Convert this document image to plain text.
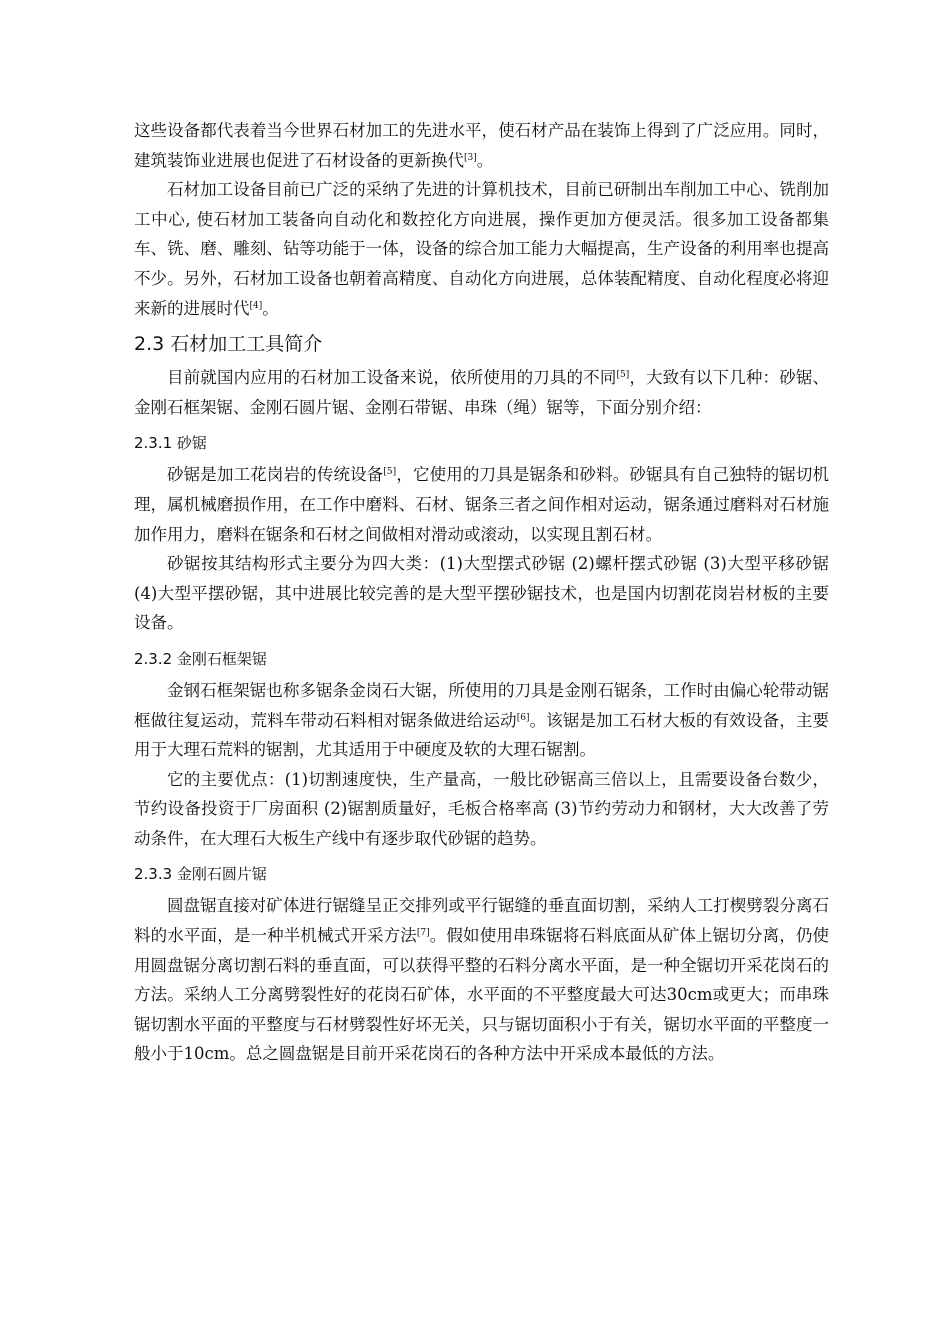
这些设备都代表着当今世界石材加工的先进水平，使石材产品在装饰上得到了广泛应用。同时，建筑装饰业进展也促进了石材设备的更新换代[3]。

石材加工设备目前已广泛的采纳了先进的计算机技术，目前已研制出车削加工中心、铣削加工中心, 使石材加工装备向自动化和数控化方向进展，操作更加方便灵活。很多加工设备都集车、铣、磨、雕刻、钻等功能于一体，设备的综合加工能力大幅提高，生产设备的利用率也提高不少。另外，石材加工设备也朝着高精度、自动化方向进展，总体装配精度、自动化程度必将迎来新的进展时代[4]。

2.3 石材加工工具简介

目前就国内应用的石材加工设备来说，依所使用的刀具的不同[5]，大致有以下几种：砂锯、金刚石框架锯、金刚石圆片锯、金刚石带锯、串珠（绳）锯等，下面分别介绍：

2.3.1 砂锯

砂锯是加工花岗岩的传统设备[5]，它使用的刀具是锯条和砂料。砂锯具有自己独特的锯切机理，属机械磨损作用，在工作中磨料、石材、锯条三者之间作相对运动，锯条通过磨料对石材施加作用力，磨料在锯条和石材之间做相对滑动或滚动，以实现且割石材。

砂锯按其结构形式主要分为四大类：(1)大型摆式砂锯 (2)螺杆摆式砂锯 (3)大型平移砂锯 (4)大型平摆砂锯，其中进展比较完善的是大型平摆砂锯技术，也是国内切割花岗岩材板的主要设备。

2.3.2 金刚石框架锯

金钢石框架锯也称多锯条金岗石大锯，所使用的刀具是金刚石锯条，工作时由偏心轮带动锯框做往复运动，荒料车带动石料相对锯条做进给运动[6]。该锯是加工石材大板的有效设备，主要用于大理石荒料的锯割，尤其适用于中硬度及软的大理石锯割。

它的主要优点：(1)切割速度快，生产量高，一般比砂锯高三倍以上，且需要设备台数少，节约设备投资于厂房面积 (2)锯割质量好，毛板合格率高 (3)节约劳动力和钢材，大大改善了劳动条件，在大理石大板生产线中有逐步取代砂锯的趋势。

2.3.3 金刚石圆片锯

圆盘锯直接对矿体进行锯缝呈正交排列或平行锯缝的垂直面切割，采纳人工打楔劈裂分离石料的水平面，是一种半机械式开采方法[7]。假如使用串珠锯将石料底面从矿体上锯切分离，仍使用圆盘锯分离切割石料的垂直面，可以获得平整的石料分离水平面，是一种全锯切开采花岗石的方法。采纳人工分离劈裂性好的花岗石矿体，水平面的不平整度最大可达30cm或更大；而串珠锯切割水平面的平整度与石材劈裂性好坏无关，只与锯切面积小于有关，锯切水平面的平整度一般小于10cm。总之圆盘锯是目前开采花岗石的各种方法中开采成本最低的方法。
